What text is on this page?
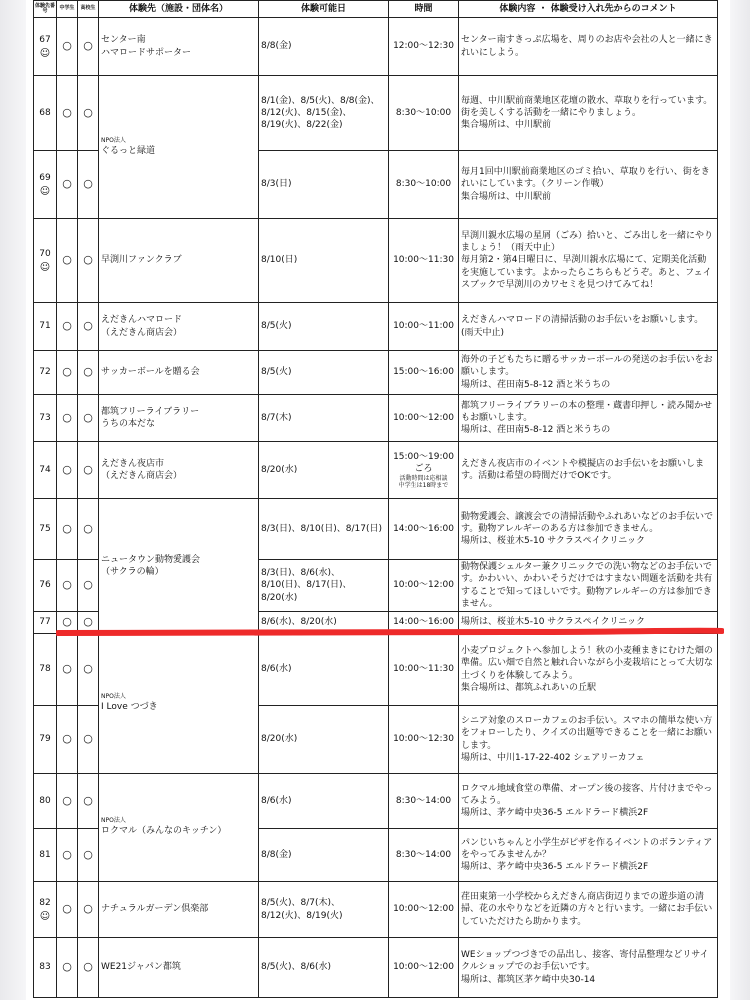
体験先番号	中学生	高校生	体験先（施設・団体名）	体験可能日	時間	体験内容 ・ 体験受け入れ先からのコメント
67
☺	○	○	センター南
ハマロードサポーター	8/8(金)	12:00～12:30	センター南すきっぷ広場を、周りのお店や会社の人と一緒にきれいにしよう。
68	○	○	NPO法人
ぐるっと緑道	8/1(金)、8/5(火)、8/8(金)、
8/12(火)、8/15(金)、
8/19(火)、8/22(金)	8:30～10:00	毎週、中川駅前商業地区花壇の散水、草取りを行っています。街を美しくする活動を一緒にやりましょう。
集合場所は、中川駅前
69
☺	○	○		8/3(日)	8:30～10:00	毎月1回中川駅前商業地区のゴミ拾い、草取りを行い、街をきれいにしています。（クリーン作戦）
集合場所は、中川駅前
70
☺	○	○	早渕川ファンクラブ	8/10(日)	10:00～11:30	早渕川親水広場の星屑（ごみ）拾いと、ごみ出しを一緒にやりましょう！（雨天中止）
毎月第2・第4日曜日に、早渕川親水広場にて、定期美化活動を実施しています。よかったらこちらもどうぞ。あと、フェイスブックで早渕川のカワセミを見つけてみてね！
71	○	○	えだきんハマロード
（えだきん商店会）	8/5(火)	10:00～11:00	えだきんハマロードの清掃活動のお手伝いをお願いします。(雨天中止)
72	○	○	サッカーボールを贈る会	8/5(火)	15:00～16:00	海外の子どもたちに贈るサッカーボールの発送のお手伝いをお願いします。
場所は、荏田南5-8-12 酒と米うちの
73	○	○	都筑フリーライブラリー
うちの本だな	8/7(木)	10:00～12:00	都筑フリーライブラリーの本の整理・蔵書印押し・読み聞かせもお願いします。
場所は、荏田南5-8-12 酒と米うちの
74	○	○	えだきん夜店市
（えだきん商店会）	8/20(水)	15:00～19:00
ごろ
活動時間は応相談
中学生は18時まで	えだきん夜店市のイベントや模擬店のお手伝いをお願いします。活動は希望の時間だけでOKです。
75	○	○	ニュータウン動物愛護会
（サクラの輪）	8/3(日)、8/10(日)、8/17(日)	14:00～16:00	動物愛護会、譲渡会での清掃活動やふれあいなどのお手伝いです。動物アレルギーのある方は参加できません。
場所は、桜並木5-10 サクラスペイクリニック
76	○	○		8/3(日)、8/6(水)、
8/10(日)、8/17(日)、
8/20(水)	10:00～12:00	動物保護シェルター兼クリニックでの洗い物などのお手伝いです。かわいい、かわいそうだけではすまない問題を活動を共有することで知ってほしいです。動物アレルギーの方は参加できません。
77	○	○		8/6(水)、8/20(水)	14:00～16:00	場所は、桜並木5-10 サクラスペイクリニック
78	○	○	NPO法人
I Love つづき	8/6(水)	10:00～11:30	小麦プロジェクトへ参加しよう！秋の小麦種まきにむけた畑の準備。広い畑で自然と触れ合いながら小麦栽培にとって大切な土づくりを体験してみよう。
集合場所は、都筑ふれあいの丘駅
79	○	○		8/20(水)	10:00～12:30	シニア対象のスローカフェのお手伝い。スマホの簡単な使い方をフォローしたり、クイズの出題等できることを一緒にお願いします。
場所は、中川1-17-22-402 シェアリーカフェ
80	○	○	NPO法人
ロクマル（みんなのキッチン）	8/6(水)	8:30～14:00	ロクマル地域食堂の準備、オープン後の接客、片付けまでやってみよう。
場所は、茅ケ崎中央36-5 エルドラード横浜2F
81	○	○		8/8(金)	8:30～14:00	パンじいちゃんと小学生がピザを作るイベントのボランティアをやってみませんか？
場所は、茅ケ崎中央36-5 エルドラード横浜2F
82
☺	○	○	ナチュラルガーデン倶楽部	8/5(火)、8/7(木)、
8/12(火)、8/19(火)	10:00～12:00	荏田東第一小学校からえだきん商店街辺りまでの遊歩道の清掃、花の水やりなどを近隣の方々と行います。一緒にお手伝いしていただけたら助かります。
83	○	○	WE21ジャパン都筑	8/5(火)、8/6(水)	10:00～12:00	WEショップつづきでの品出し、接客、寄付品整理などリサイクルショップでのお手伝いです。
場所は、都筑区茅ケ崎中央30-14
